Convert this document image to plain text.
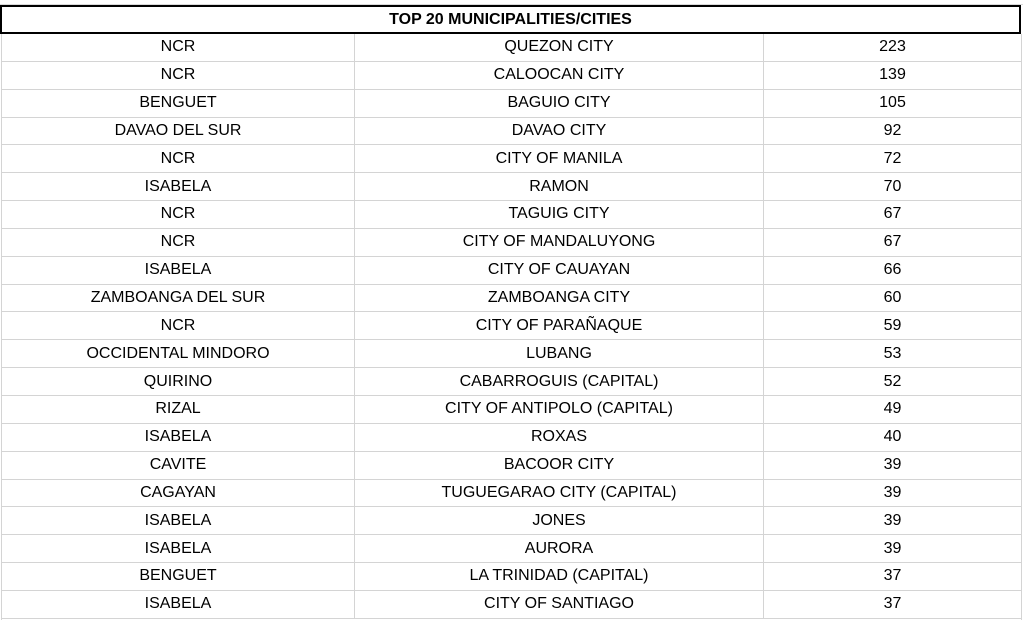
TOP 20 MUNICIPALITIES/CITIES
NCR	QUEZON CITY	223
NCR	CALOOCAN CITY	139
BENGUET	BAGUIO CITY	105
DAVAO DEL SUR	DAVAO CITY	92
NCR	CITY OF MANILA	72
ISABELA	RAMON	70
NCR	TAGUIG CITY	67
NCR	CITY OF MANDALUYONG	67
ISABELA	CITY OF CAUAYAN	66
ZAMBOANGA DEL SUR	ZAMBOANGA CITY	60
NCR	CITY OF PARAÑAQUE	59
OCCIDENTAL MINDORO	LUBANG	53
QUIRINO	CABARROGUIS (CAPITAL)	52
RIZAL	CITY OF ANTIPOLO (CAPITAL)	49
ISABELA	ROXAS	40
CAVITE	BACOOR CITY	39
CAGAYAN	TUGUEGARAO CITY (CAPITAL)	39
ISABELA	JONES	39
ISABELA	AURORA	39
BENGUET	LA TRINIDAD (CAPITAL)	37
ISABELA	CITY OF SANTIAGO	37
